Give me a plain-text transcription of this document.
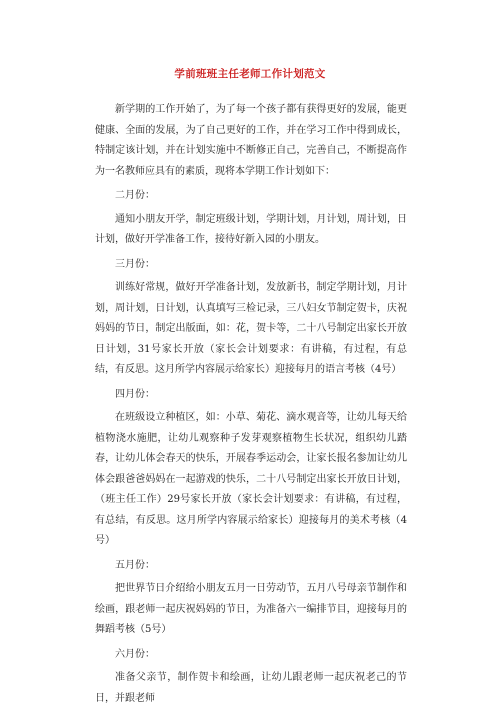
学前班班主任老师工作计划范文

新学期的工作开始了，为了每一个孩子都有获得更好的发展，能更健康、全面的发展，为了自己更好的工作，并在学习工作中得到成长，特制定该计划，并在计划实施中不断修正自己，完善自己，不断提高作为一名教师应具有的素质，现将本学期工作计划如下：

二月份：

通知小朋友开学，制定班级计划，学期计划，月计划，周计划，日计划，做好开学准备工作，接待好新入园的小朋友。

三月份：

训练好常规，做好开学准备计划，发放新书，制定学期计划，月计划，周计划，日计划，认真填写三检记录，三八妇女节制定贺卡，庆祝妈妈的节日，制定出版面，如：花，贺卡等，二十八号制定出家长开放日计划，31号家长开放（家长会计划要求：有讲稿，有过程，有总结，有反思。这月所学内容展示给家长）迎接每月的语言考核（4号）

四月份：

在班级设立种植区，如：小草、菊花、滴水观音等，让幼儿每天给植物浇水施肥，让幼儿观察种子发芽观察植物生长状况，组织幼儿踏春，让幼儿体会春天的快乐，开展春季运动会，让家长报名参加让幼儿体会跟爸爸妈妈在一起游戏的快乐，二十八号制定出家长开放日计划，（班主任工作）29号家长开放（家长会计划要求：有讲稿，有过程，有总结，有反思。这月所学内容展示给家长）迎接每月的美术考核（4号）

五月份：

把世界节日介绍给小朋友五月一日劳动节，五月八号母亲节制作和绘画，跟老师一起庆祝妈妈的节日，为准备六一编排节目，迎接每月的舞蹈考核（5号）

六月份：

准备父亲节，制作贺卡和绘画，让幼儿跟老师一起庆祝老己的节日，并跟老师
